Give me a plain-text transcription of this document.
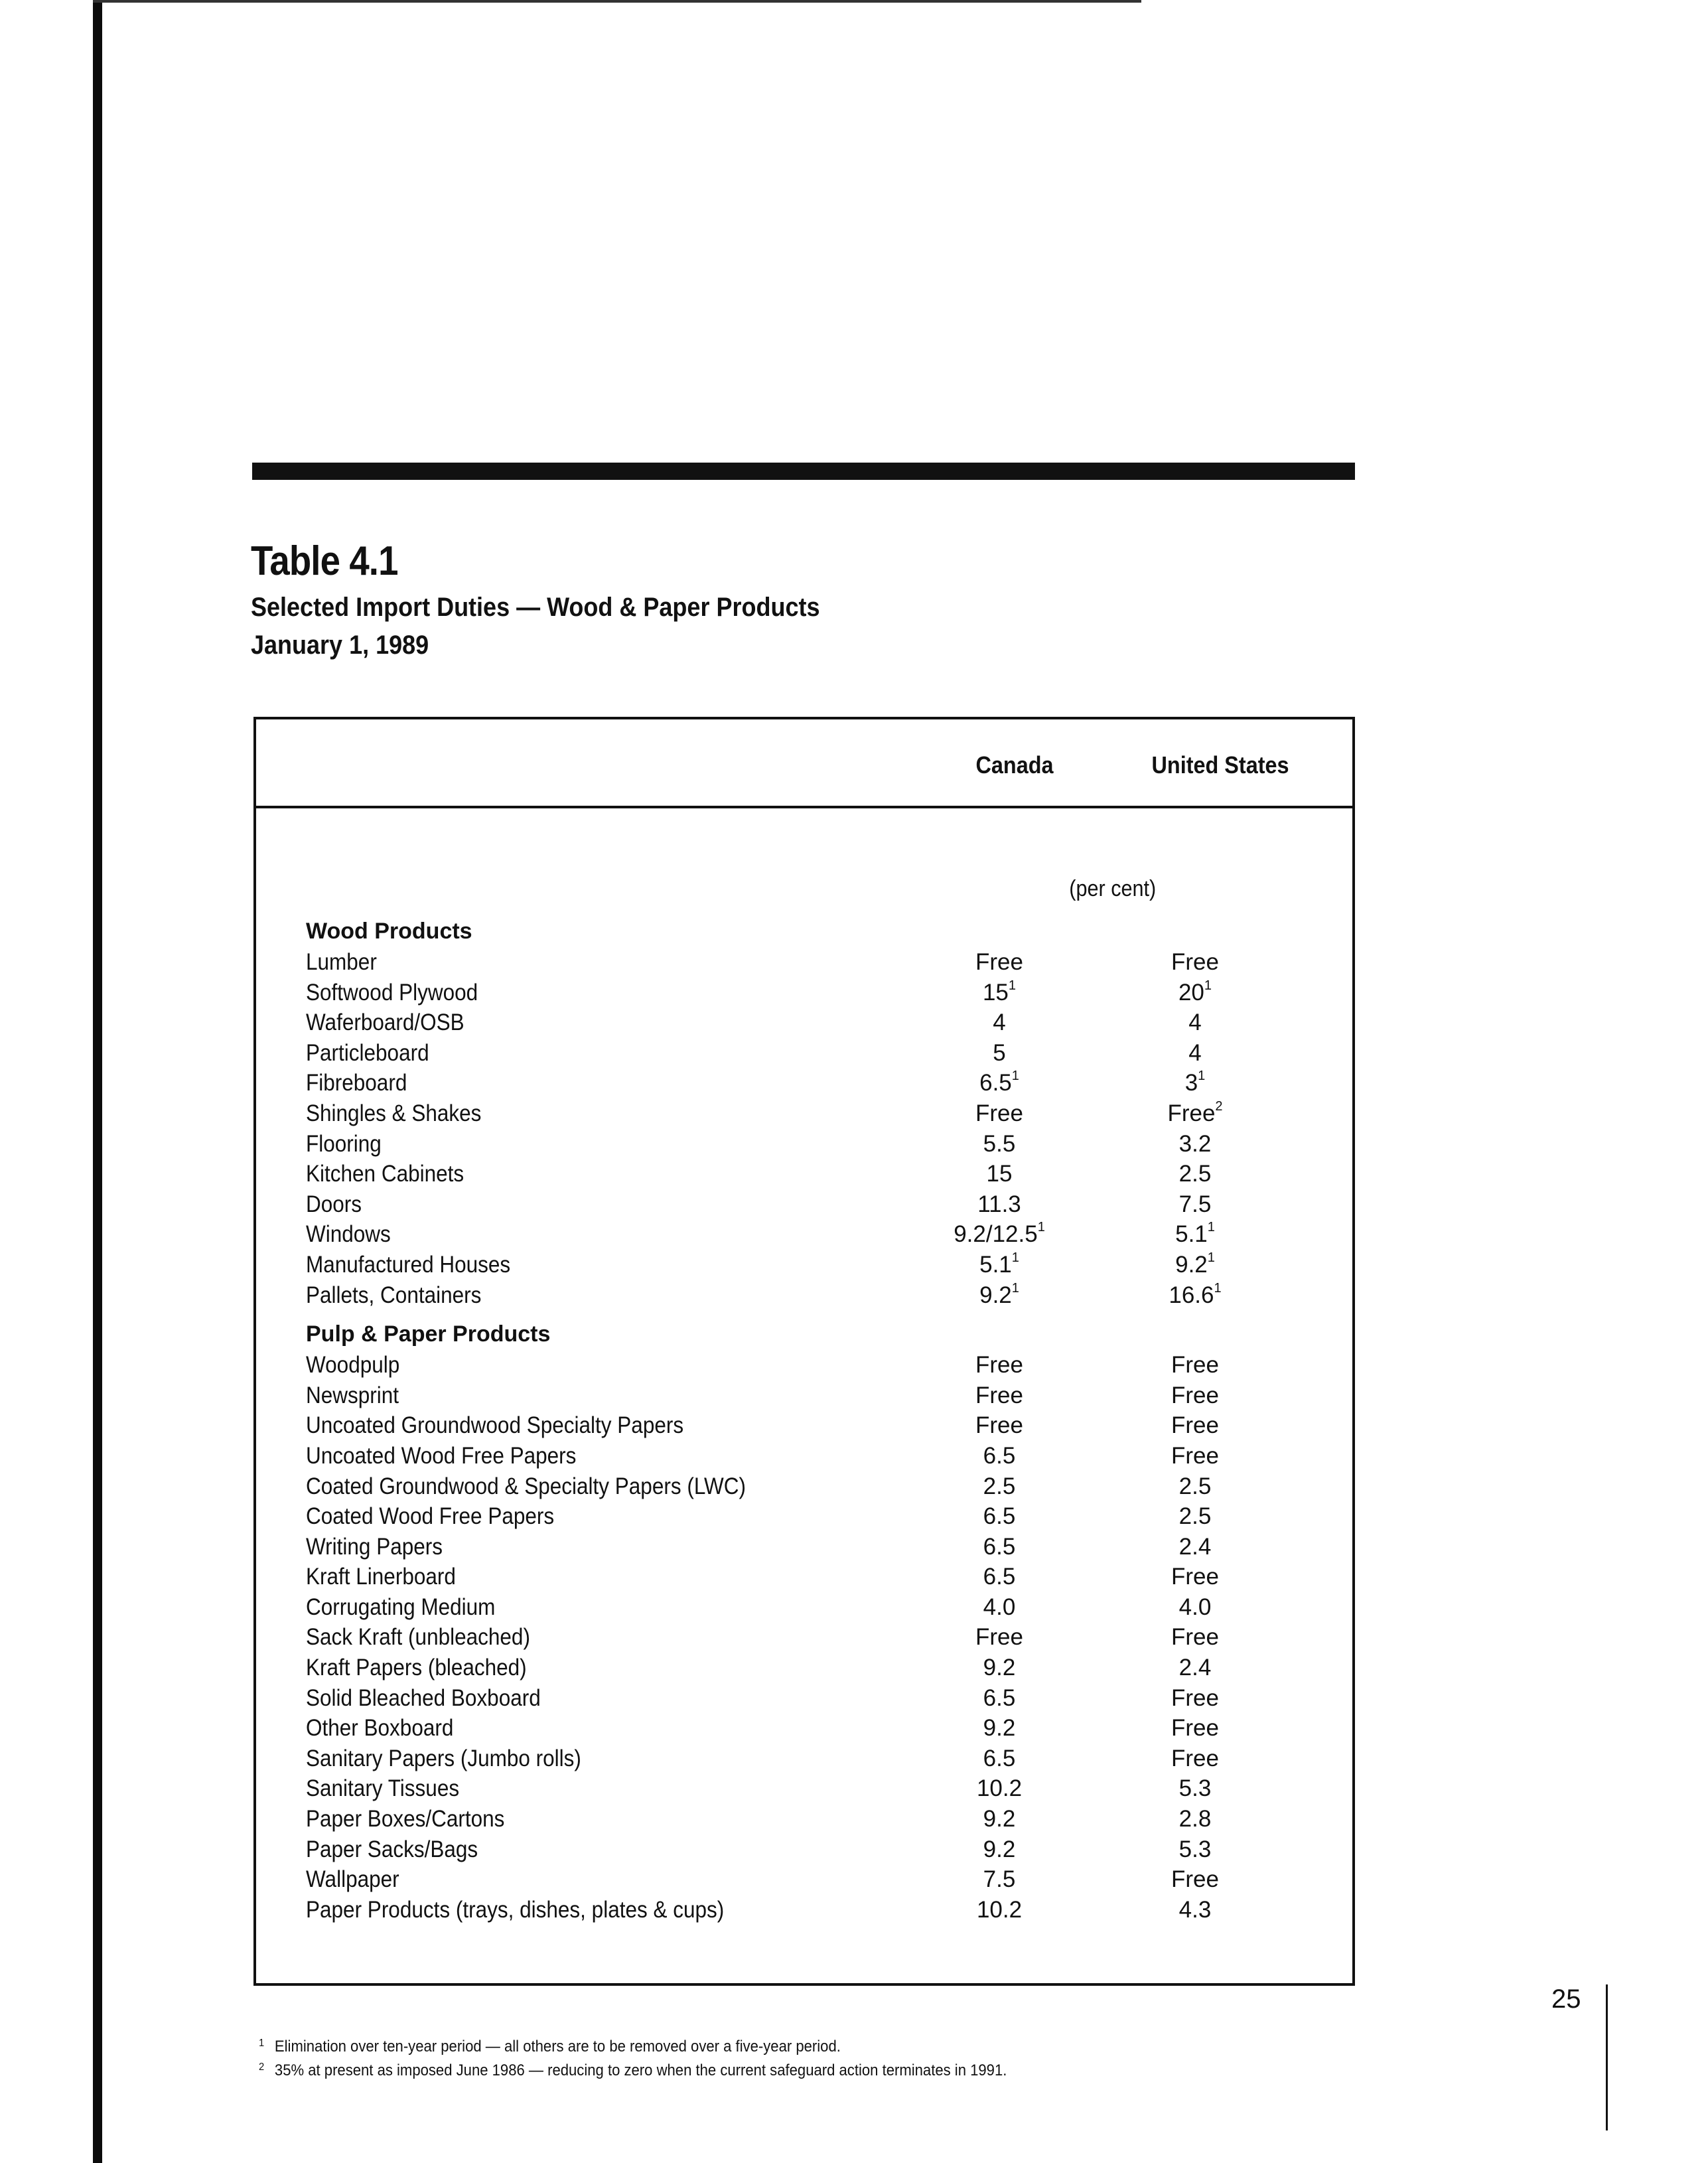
Table 4.1
Selected Import Duties — Wood & Paper Products
January 1, 1989
Canada	United States
(per cent)
Wood Products
Lumber	Free	Free
Softwood Plywood	$15^1$	$20^1$
Waferboard/OSB	4	4
Particleboard	5	4
Fibreboard	$6.5^1$	$3^1$
Shingles & Shakes	Free	Free$^2$
Flooring	5.5	3.2
Kitchen Cabinets	15	2.5
Doors	11.3	7.5
Windows	9.2/12.5$^1$	$5.1^1$
Manufactured Houses	$5.1^1$	$9.2^1$
Pallets, Containers	$9.2^1$	16.6$^1$
Pulp & Paper Products
Woodpulp	Free	Free
Newsprint	Free	Free
Uncoated Groundwood Specialty Papers	Free	Free
Uncoated Wood Free Papers	6.5	Free
Coated Groundwood & Specialty Papers (LWC)	2.5	2.5
Coated Wood Free Papers	6.5	2.5
Writing Papers	6.5	2.4
Kraft Linerboard	6.5	Free
Corrugating Medium	4.0	4.0
Sack Kraft (unbleached)	Free	Free
Kraft Papers (bleached)	9.2	2.4
Solid Bleached Boxboard	6.5	Free
Other Boxboard	9.2	Free
Sanitary Papers (Jumbo rolls)	6.5	Free
Sanitary Tissues	10.2	5.3
Paper Boxes/Cartons	9.2	2.8
Paper Sacks/Bags	9.2	5.3
Wallpaper	7.5	Free
Paper Products (trays, dishes, plates & cups)	10.2	4.3
1 Elimination over ten-year period — all others are to be removed over a five-year period.
2 35% at present as imposed June 1986 — reducing to zero when the current safeguard action terminates in 1991.
25
